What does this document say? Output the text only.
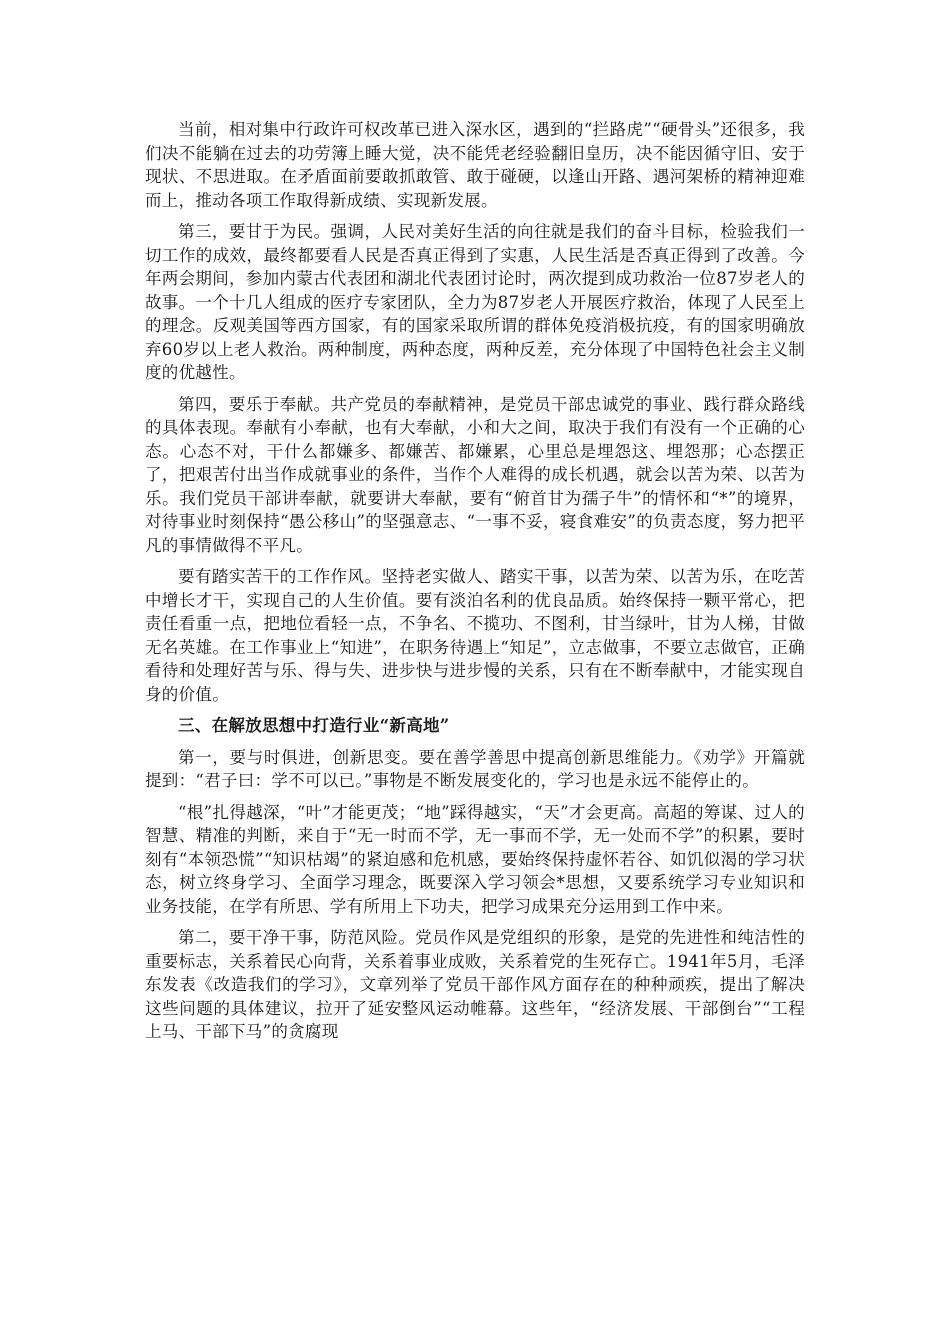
当前，相对集中行政许可权改革已进入深水区，遇到的“拦路虎”“硬骨头”还很多，我们决不能躺在过去的功劳簿上睡大觉，决不能凭老经验翻旧皇历，决不能因循守旧、安于现状、不思进取。在矛盾面前要敢抓敢管、敢于碰硬，以逢山开路、遇河架桥的精神迎难而上，推动各项工作取得新成绩、实现新发展。

第三，要甘于为民。强调，人民对美好生活的向往就是我们的奋斗目标，检验我们一切工作的成效，最终都要看人民是否真正得到了实惠，人民生活是否真正得到了改善。今年两会期间，参加内蒙古代表团和湖北代表团讨论时，两次提到成功救治一位87岁老人的故事。一个十几人组成的医疗专家团队，全力为87岁老人开展医疗救治，体现了人民至上的理念。反观美国等西方国家，有的国家采取所谓的群体免疫消极抗疫，有的国家明确放弃60岁以上老人救治。两种制度，两种态度，两种反差，充分体现了中国特色社会主义制度的优越性。

第四，要乐于奉献。共产党员的奉献精神，是党员干部忠诚党的事业、践行群众路线的具体表现。奉献有小奉献，也有大奉献，小和大之间，取决于我们有没有一个正确的心态。心态不对，干什么都嫌多、都嫌苦、都嫌累，心里总是埋怨这、埋怨那；心态摆正了，把艰苦付出当作成就事业的条件，当作个人难得的成长机遇，就会以苦为荣、以苦为乐。我们党员干部讲奉献，就要讲大奉献，要有“俯首甘为孺子牛”的情怀和“*”的境界，对待事业时刻保持“愚公移山”的坚强意志、“一事不妥，寝食难安”的负责态度，努力把平凡的事情做得不平凡。

要有踏实苦干的工作作风。坚持老实做人、踏实干事，以苦为荣、以苦为乐，在吃苦中增长才干，实现自己的人生价值。要有淡泊名利的优良品质。始终保持一颗平常心，把责任看重一点，把地位看轻一点，不争名、不揽功、不图利，甘当绿叶，甘为人梯，甘做无名英雄。在工作事业上“知进”，在职务待遇上“知足”，立志做事，不要立志做官，正确看待和处理好苦与乐、得与失、进步快与进步慢的关系，只有在不断奉献中，才能实现自身的价值。

三、在解放思想中打造行业“新高地”

第一，要与时俱进，创新思变。要在善学善思中提高创新思维能力。《劝学》开篇就提到：“君子曰：学不可以已。”事物是不断发展变化的，学习也是永远不能停止的。

“根”扎得越深，“叶”才能更茂；“地”踩得越实，“天”才会更高。高超的筹谋、过人的智慧、精准的判断，来自于“无一时而不学，无一事而不学，无一处而不学”的积累，要时刻有“本领恐慌”“知识枯竭”的紧迫感和危机感，要始终保持虚怀若谷、如饥似渴的学习状态，树立终身学习、全面学习理念，既要深入学习领会*思想，又要系统学习专业知识和业务技能，在学有所思、学有所用上下功夫，把学习成果充分运用到工作中来。

第二，要干净干事，防范风险。党员作风是党组织的形象，是党的先进性和纯洁性的重要标志，关系着民心向背，关系着事业成败，关系着党的生死存亡。1941年5月，毛泽东发表《改造我们的学习》，文章列举了党员干部作风方面存在的种种顽疾，提出了解决这些问题的具体建议，拉开了延安整风运动帷幕。这些年，“经济发展、干部倒台”“工程上马、干部下马”的贪腐现
